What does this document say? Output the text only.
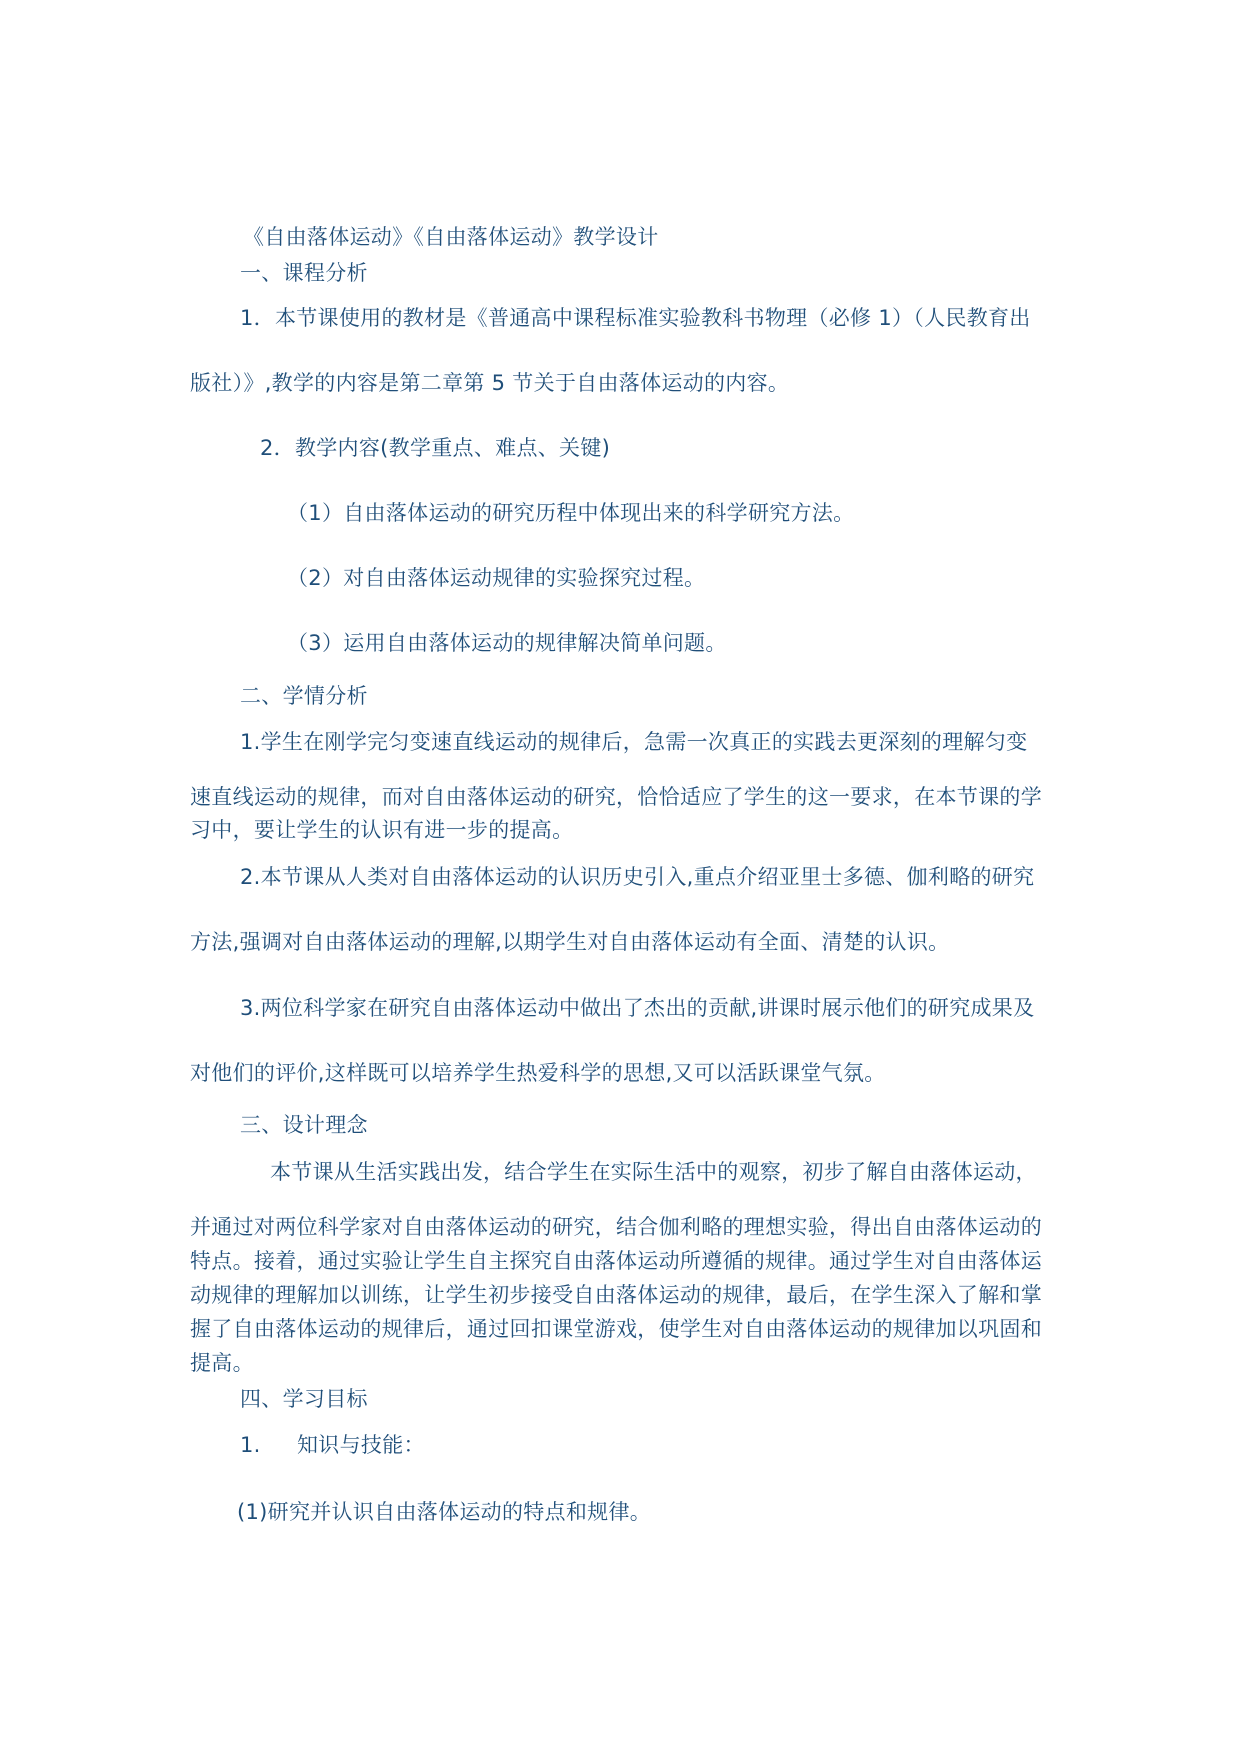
《自由落体运动》《自由落体运动》教学设计
一、课程分析
1．本节课使用的教材是《普通高中课程标准实验教科书物理（必修 1）（人民教育出
版社）》,教学的内容是第二章第 5 节关于自由落体运动的内容。
2．教学内容(教学重点、难点、关键)
（1）自由落体运动的研究历程中体现出来的科学研究方法。
（2）对自由落体运动规律的实验探究过程。
（3）运用自由落体运动的规律解决简单问题。
二、学情分析
1.学生在刚学完匀变速直线运动的规律后，急需一次真正的实践去更深刻的理解匀变
速直线运动的规律，而对自由落体运动的研究，恰恰适应了学生的这一要求，在本节课的学
习中，要让学生的认识有进一步的提高。
2.本节课从人类对自由落体运动的认识历史引入,重点介绍亚里士多德、伽利略的研究
方法,强调对自由落体运动的理解,以期学生对自由落体运动有全面、清楚的认识。
3.两位科学家在研究自由落体运动中做出了杰出的贡献,讲课时展示他们的研究成果及
对他们的评价,这样既可以培养学生热爱科学的思想,又可以活跃课堂气氛。
三、设计理念
本节课从生活实践出发，结合学生在实际生活中的观察，初步了解自由落体运动，
并通过对两位科学家对自由落体运动的研究，结合伽利略的理想实验，得出自由落体运动的
特点。接着，通过实验让学生自主探究自由落体运动所遵循的规律。通过学生对自由落体运
动规律的理解加以训练，让学生初步接受自由落体运动的规律，最后，在学生深入了解和掌
握了自由落体运动的规律后，通过回扣课堂游戏，使学生对自由落体运动的规律加以巩固和
提高。
四、学习目标
1. 知识与技能：
(1)研究并认识自由落体运动的特点和规律。
